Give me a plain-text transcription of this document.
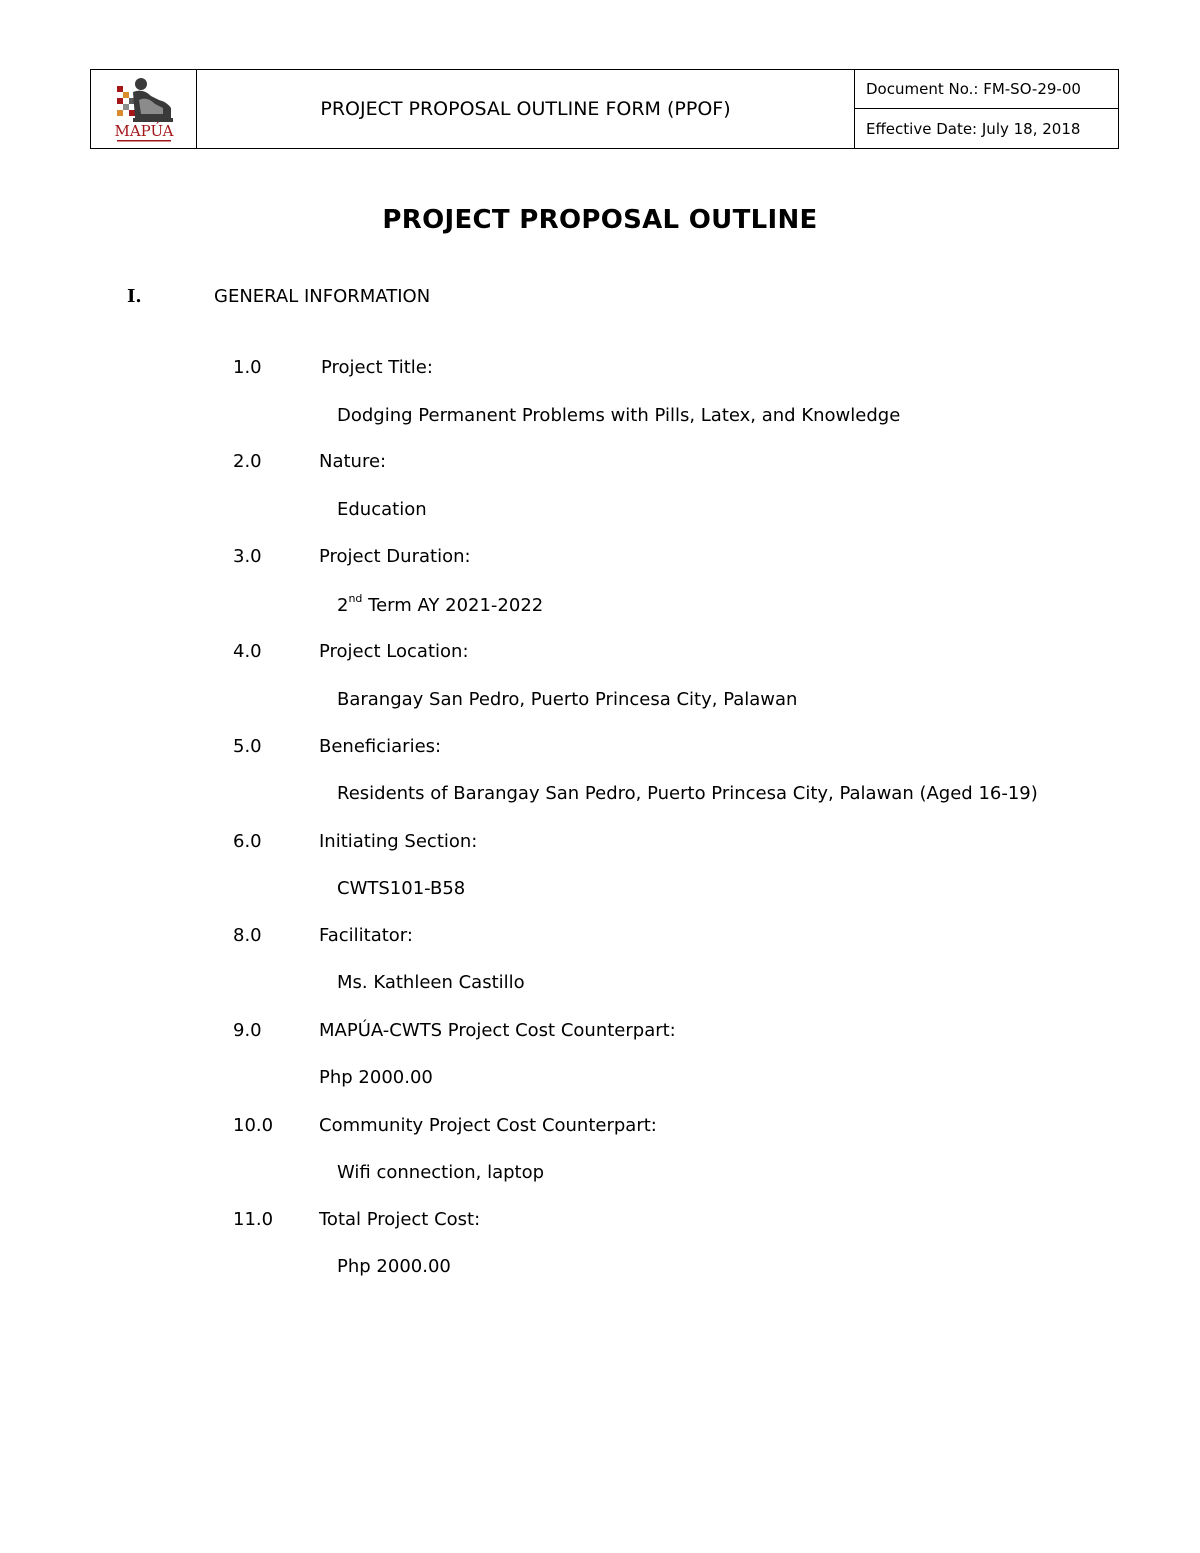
MAPÚA
PROJECT PROPOSAL OUTLINE FORM (PPOF)
Document No.: FM-SO-29-00
Effective Date: July 18, 2018
PROJECT PROPOSAL OUTLINE
I.	GENERAL INFORMATION
1.0	Project Title:
Dodging Permanent Problems with Pills, Latex, and Knowledge
2.0	Nature:
Education
3.0	Project Duration:
2nd Term AY 2021-2022
4.0	Project Location:
Barangay San Pedro, Puerto Princesa City, Palawan
5.0	Beneficiaries:
Residents of Barangay San Pedro, Puerto Princesa City, Palawan (Aged 16-19)
6.0	Initiating Section:
CWTS101-B58
8.0	Facilitator:
Ms. Kathleen Castillo
9.0	MAPÚA-CWTS Project Cost Counterpart:
Php 2000.00
10.0	Community Project Cost Counterpart:
Wifi connection, laptop
11.0	Total Project Cost:
Php 2000.00
